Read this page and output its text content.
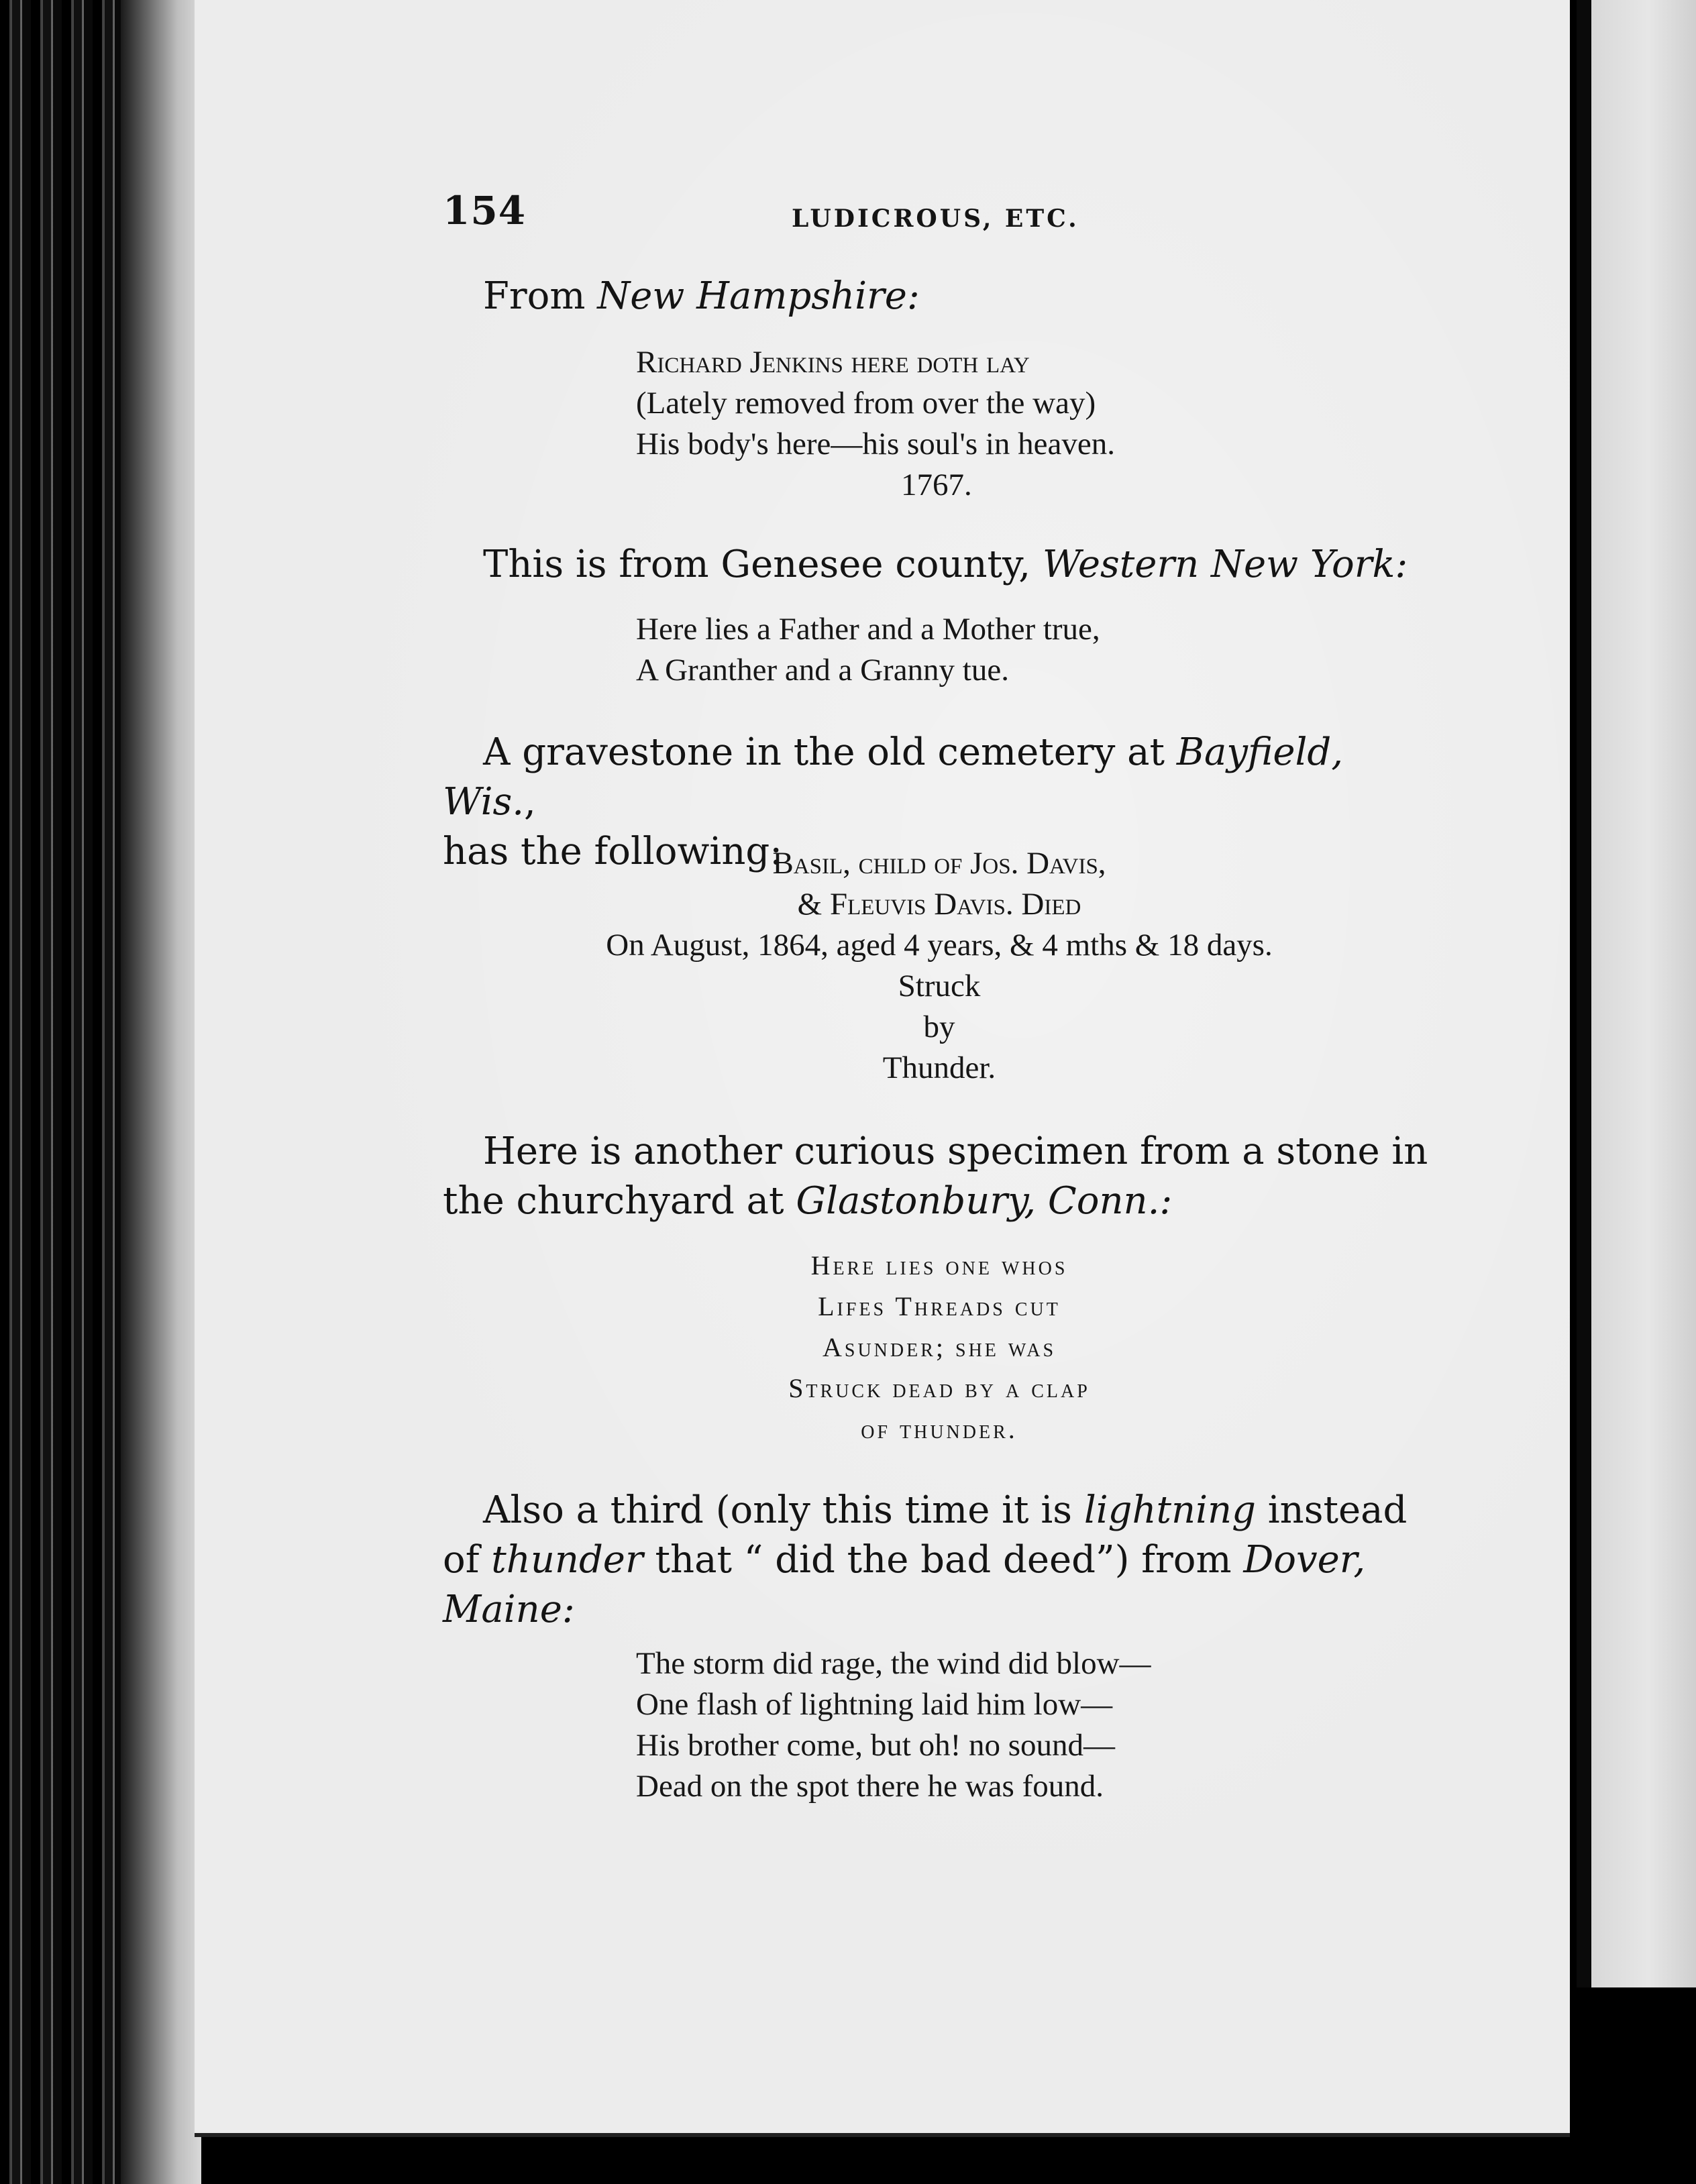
154	LUDICROUS, ETC.
From New Hampshire:
Richard Jenkins here doth lay
(Lately removed from over the way)
His body's here—his soul's in heaven.
1767.
This is from Genesee county, Western New York:
Here lies a Father and a Mother true,
A Granther and a Granny tue.
A gravestone in the old cemetery at Bayfield, Wis.,
has the following:
Basil, child of Jos. Davis,
& Fleuvis Davis. Died
On August, 1864, aged 4 years, & 4 mths & 18 days.
Struck
by
Thunder.
Here is another curious specimen from a stone in
the churchyard at Glastonbury, Conn.:
Here lies one whos
Lifes Threads cut
Asunder; she was
Struck dead by a clap
of thunder.
Also a third (only this time it is lightning instead
of thunder that “ did the bad deed”) from Dover,
Maine:
The storm did rage, the wind did blow—
One flash of lightning laid him low—
His brother come, but oh! no sound—
Dead on the spot there he was found.
